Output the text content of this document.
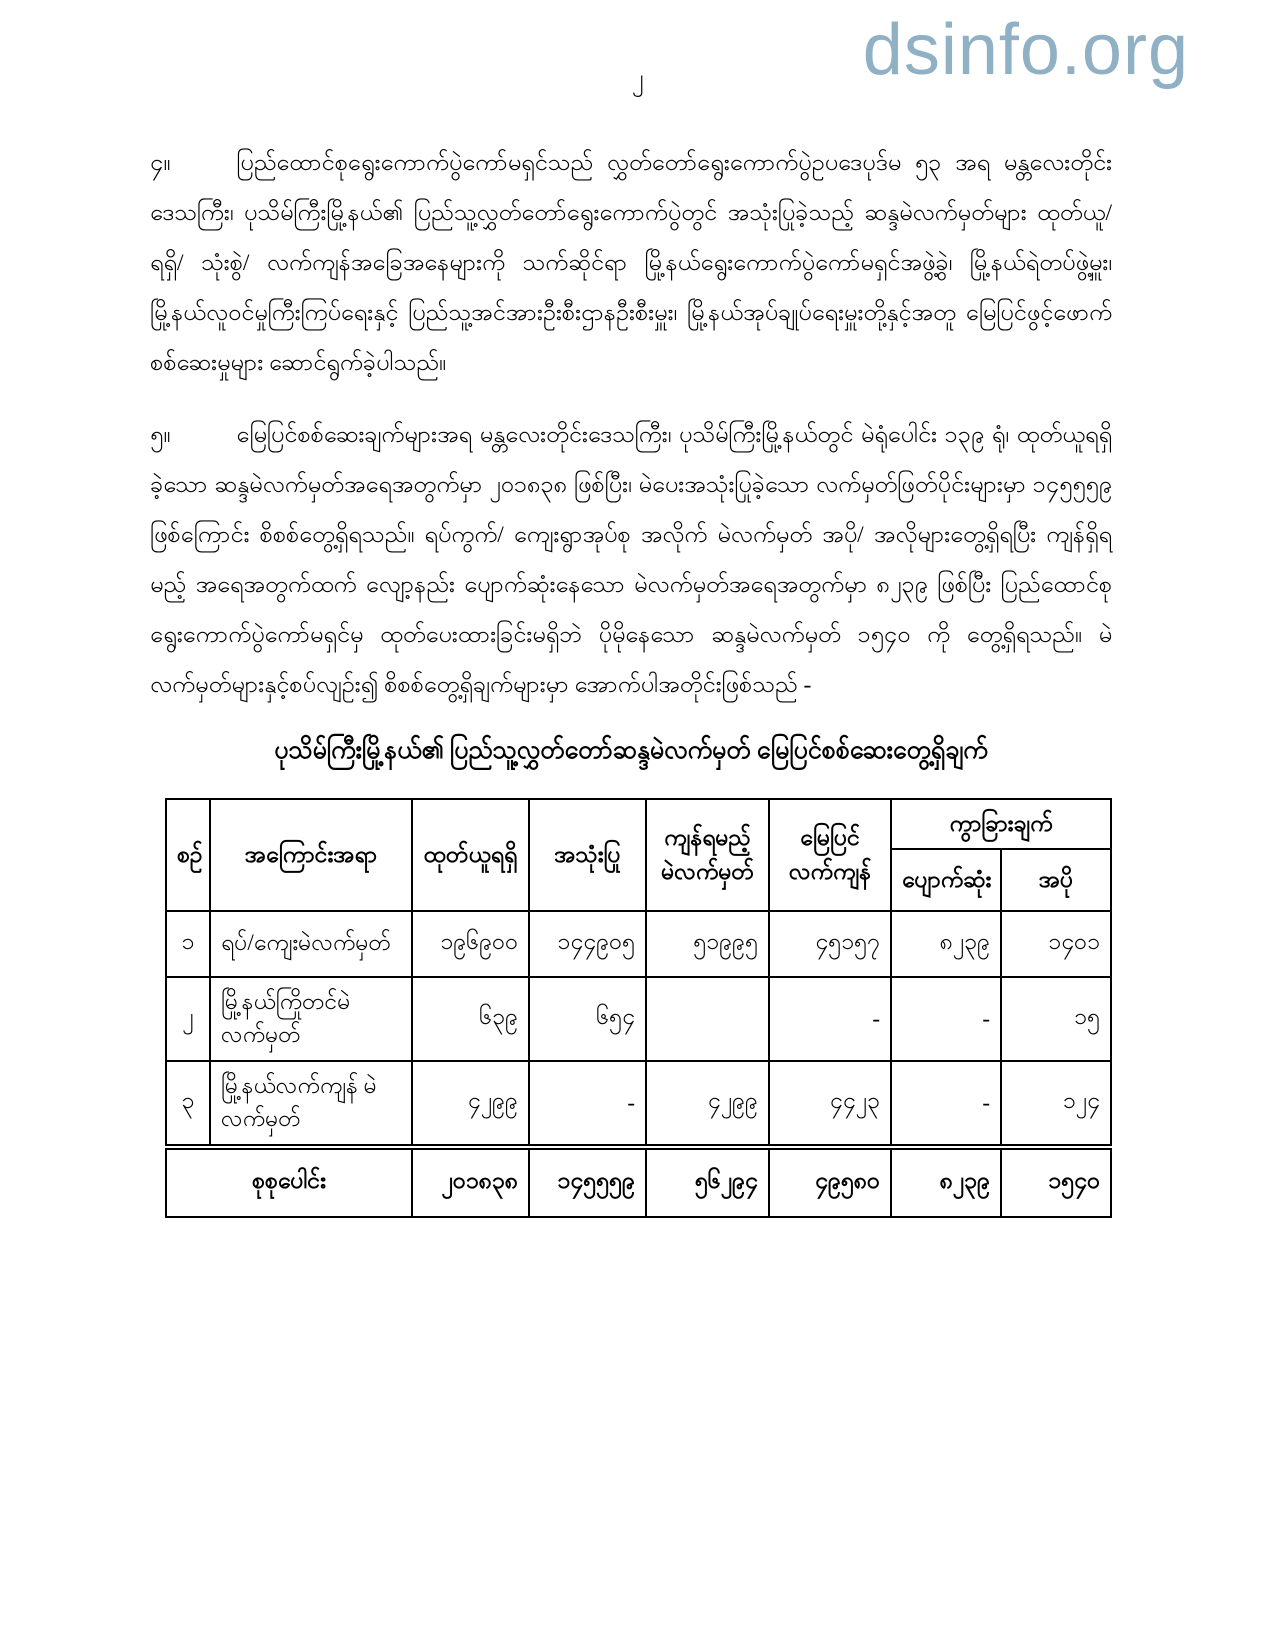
dsinfo.org
၂

၄။	ပြည်ထောင်စုရွေးကောက်ပွဲကော်မရှင်သည် လွှတ်တော်ရွေးကောက်ပွဲဥပဒေပုဒ်မ ၅၃ အရ မန္တလေးတိုင်းဒေသကြီး၊ ပုသိမ်ကြီးမြို့နယ်၏ ပြည်သူ့လွှတ်တော်ရွေးကောက်ပွဲတွင် အသုံးပြုခဲ့သည့် ဆန္ဒမဲလက်မှတ်များ ထုတ်ယူ/ ရရှိ/ သုံးစွဲ/ လက်ကျန်အခြေအနေများကို သက်ဆိုင်ရာ မြို့နယ်ရွေးကောက်ပွဲကော်မရှင်အဖွဲ့ခွဲ၊ မြို့နယ်ရဲတပ်ဖွဲ့မှူး၊ မြို့နယ်လူဝင်မှုကြီးကြပ်ရေးနှင့် ပြည်သူ့အင်အားဦးစီးဌာနဦးစီးမှူး၊ မြို့နယ်အုပ်ချုပ်ရေးမှူးတို့နှင့်အတူ မြေပြင်ဖွင့်ဖောက်စစ်ဆေးမှုများ ဆောင်ရွက်ခဲ့ပါသည်။

၅။	မြေပြင်စစ်ဆေးချက်များအရ မန္တလေးတိုင်းဒေသကြီး၊ ပုသိမ်ကြီးမြို့နယ်တွင် မဲရုံပေါင်း ၁၃၉ ရုံ၊ ထုတ်ယူရရှိခဲ့သော ဆန္ဒမဲလက်မှတ်အရေအတွက်မှာ ၂၀၁၈၃၈ ဖြစ်ပြီး၊ မဲပေးအသုံးပြုခဲ့သော လက်မှတ်ဖြတ်ပိုင်းများမှာ ၁၄၅၅၅၉ ဖြစ်ကြောင်း စိစစ်တွေ့ရှိရသည်။ ရပ်ကွက်/ ကျေးရွာအုပ်စု အလိုက် မဲလက်မှတ် အပို/ အလိုများတွေ့ရှိရပြီး ကျန်ရှိရမည့် အရေအတွက်ထက် လျော့နည်း ပျောက်ဆုံးနေသော မဲလက်မှတ်အရေအတွက်မှာ ၈၂၃၉ ဖြစ်ပြီး ပြည်ထောင်စုရွေးကောက်ပွဲကော်မရှင်မှ ထုတ်ပေးထားခြင်းမရှိဘဲ ပိုမိုနေသော ဆန္ဒမဲလက်မှတ် ၁၅၄၀ ကို တွေ့ရှိရသည်။ မဲလက်မှတ်များနှင့်စပ်လျဉ်း၍ စိစစ်တွေ့ရှိချက်များမှာ အောက်ပါအတိုင်းဖြစ်သည် -

ပုသိမ်ကြီးမြို့နယ်၏ ပြည်သူ့လွှတ်တော်ဆန္ဒမဲလက်မှတ် မြေပြင်စစ်ဆေးတွေ့ရှိချက်
စဉ်	အကြောင်းအရာ	ထုတ်ယူရရှိ	အသုံးပြု	ကျန်ရမည့် မဲလက်မှတ်	မြေပြင် လက်ကျန်	ကွာခြားချက်	
						ပျောက်ဆုံး	အပို
၁	ရပ်/ကျေးမဲလက်မှတ်	၁၉၆၉၀၀	၁၄၄၉၀၅	၅၁၉၉၅	၄၅၁၅၇	၈၂၃၉	၁၄၀၁
၂	မြို့နယ်ကြိုတင်မဲ လက်မှတ်	၆၃၉	၆၅၄		-	-	၁၅
၃	မြို့နယ်လက်ကျန် မဲလက်မှတ်	၄၂၉၉	-	၄၂၉၉	၄၄၂၃	-	၁၂၄
စုစုပေါင်း		၂၀၁၈၃၈	၁၄၅၅၅၉	၅၆၂၉၄	၄၉၅၈၀	၈၂၃၉	၁၅၄၀
